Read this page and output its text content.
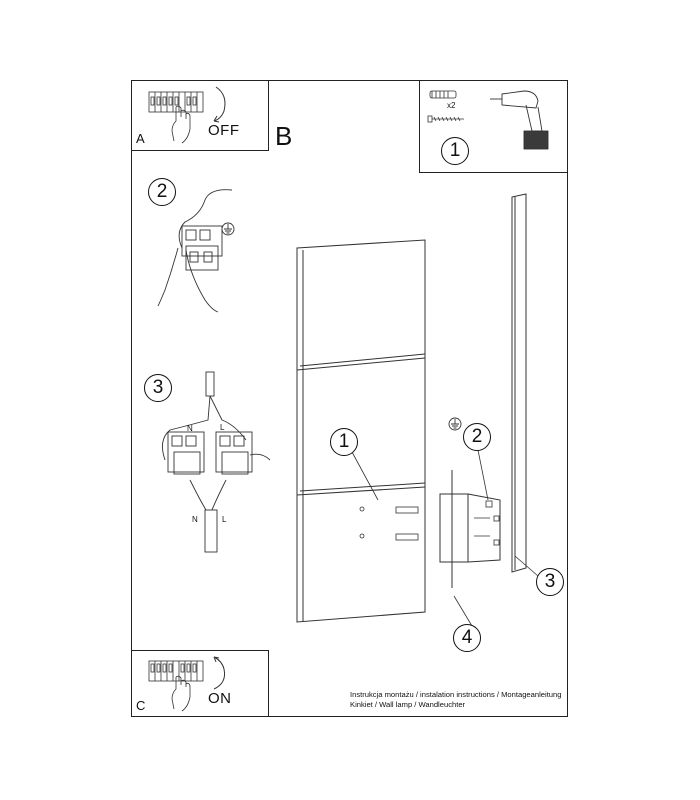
A	OFF B
x2
1
2
3
N	L
N	L
1	2
3
4
C	ON	Instrukcja montażu / instalation instructions / Montageanleitung
Kinkiet / Wall lamp / Wandleuchter
